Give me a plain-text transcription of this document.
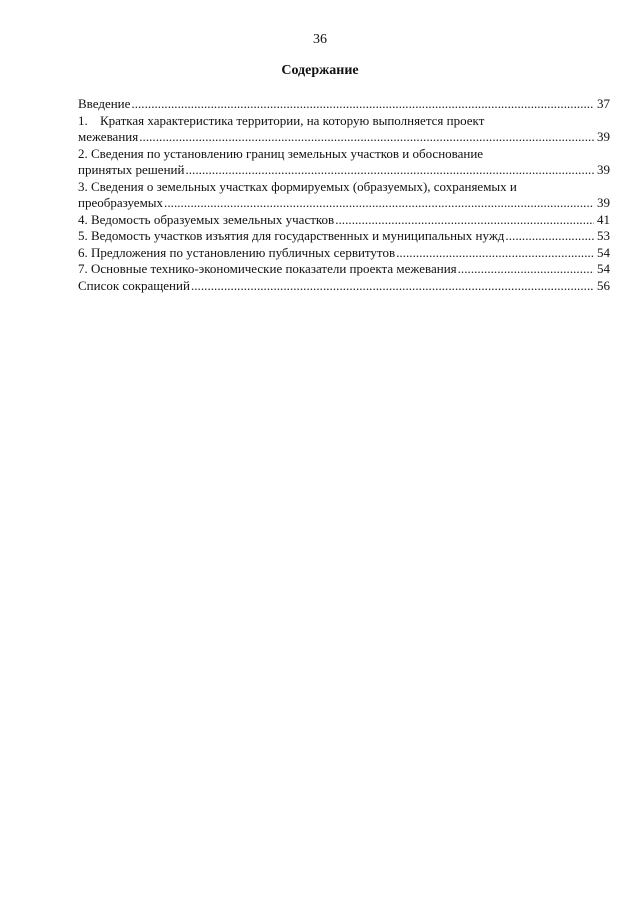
36
Содержание
Введение . . .	37
1. Краткая характеристика территории, на которую выполняется проект
межевания . . .	39
2. Сведения по установлению границ земельных участков и обоснование
принятых решений . . .	39
3. Сведения о земельных участках формируемых (образуемых), сохраняемых и
преобразуемых . . .	39
4. Ведомость образуемых земельных участков . . .	41
5. Ведомость участков изъятия для государственных и муниципальных нужд . . .	53
6. Предложения по установлению публичных сервитутов . . .	54
7. Основные технико-экономические показатели проекта межевания . . .	54
Список сокращений . . .	56
